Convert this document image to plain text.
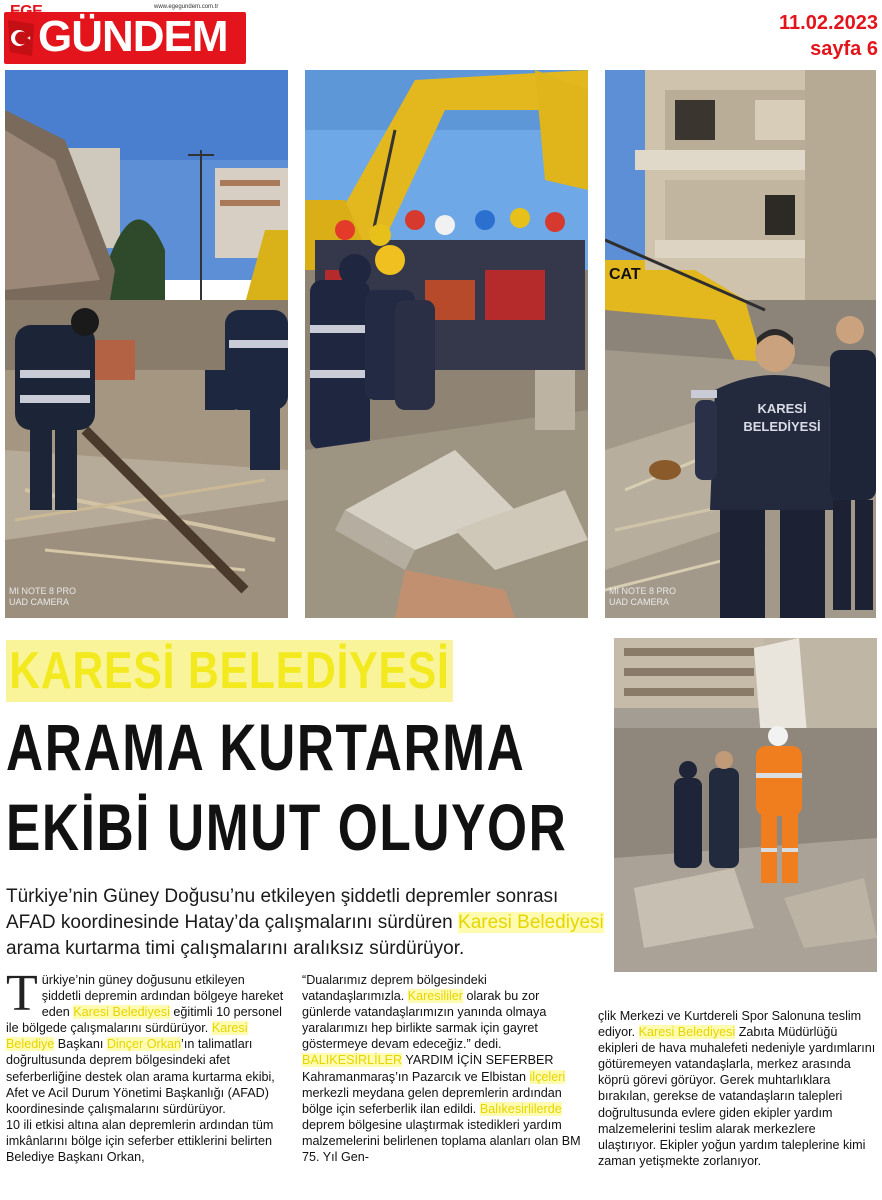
EGE	www.egegundem.com.tr
GÜNDEM	11.02.2023
sayfa 6
MI NOTE 8 PRO
UAD CAMERA
CAT
KARESİ
BELEDİYESİ
MI NOTE 8 PRO
UAD CAMERA
KARESİ BELEDİYESİ
ARAMA KURTARMA
EKİBİ UMUT OLUYOR
Türkiye’nin Güney Doğusu’nu etkileyen şiddetli depremler sonrası AFAD koordinesinde Hatay’da çalışmalarını sürdüren Karesi Belediyesi arama kurtarma timi çalışmalarını aralıksız sürdürüyor.
T ürkiye’nin güney doğusunu etkileyen şiddetli depremin ardından bölgeye hareket eden Karesi Belediyesi eğitimli 10 personel ile bölgede çalışmalarını sürdürüyor. Karesi Belediye Başkanı Dinçer Orkan’ın talimatları doğrultusunda deprem bölgesindeki afet seferberliğine destek olan arama kurtarma ekibi, Afet ve Acil Durum Yönetimi Başkanlığı (AFAD) koordinesinde çalışmalarını sürdürüyor.

10 ili etkisi altına alan depremlerin ardından tüm imkânlarını bölge için seferber ettiklerini belirten Belediye Başkanı Orkan,

“Dualarımız deprem bölgesindeki vatandaşlarımızla. Karesililer olarak bu zor günlerde vatandaşlarımızın yanında olmaya yaralarımızı hep birlikte sarmak için gayret göstermeye devam edeceğiz.” dedi.

BALIKESİRLİLER YARDIM İÇİN SEFERBER

Kahramanmaraş’ın Pazarcık ve Elbistan ilçeleri merkezli meydana gelen depremlerin ardından bölge için seferberlik ilan edildi. Balıkesirlilerde deprem bölgesine ulaştırmak istedikleri yardım malzemelerini belirlenen toplama alanları olan BM 75. Yıl Gen-

çlik Merkezi ve Kurtdereli Spor Salonuna teslim ediyor. Karesi Belediyesi Zabıta Müdürlüğü ekipleri de hava muhalefeti nedeniyle yardımlarını götüremeyen vatandaşlarla, merkez arasında köprü görevi görüyor. Gerek muhtarlıklara bırakılan, gerekse de vatandaşların talepleri doğrultusunda evlere giden ekipler yardım malzemelerini teslim alarak merkezlere ulaştırıyor. Ekipler yoğun yardım taleplerine kimi zaman yetişmekte zorlanıyor.
